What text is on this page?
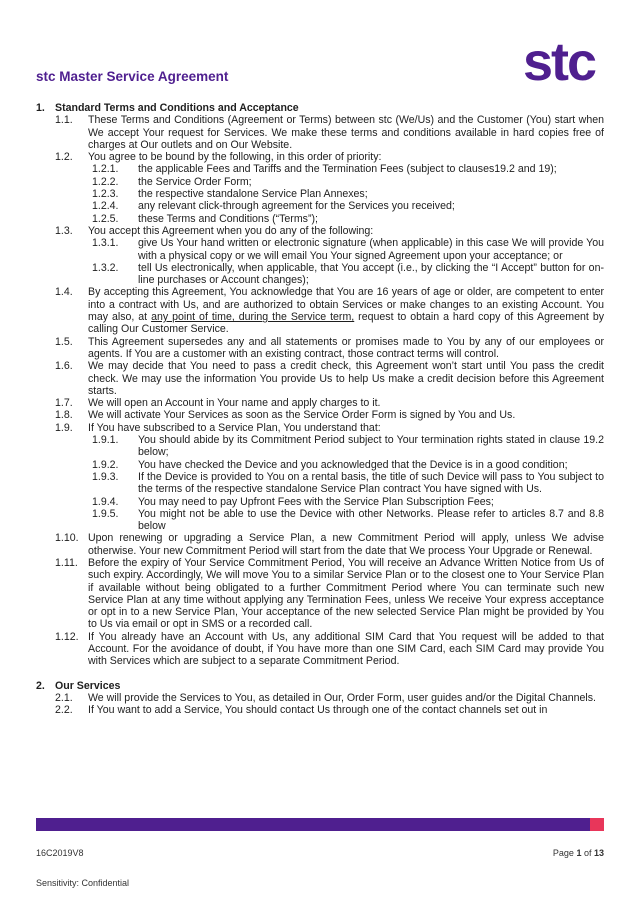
stc Master Service Agreement	stc
1. Standard Terms and Conditions and Acceptance
1.1.	These Terms and Conditions (Agreement or Terms) between stc (We/Us) and the Customer (You) start when We accept Your request for Services. We make these terms and conditions available in hard copies free of charges at Our outlets and on Our Website.
1.2.	You agree to be bound by the following, in this order of priority:
1.2.1.	the applicable Fees and Tariffs and the Termination Fees (subject to clauses19.2 and 19);
1.2.2.	the Service Order Form;
1.2.3.	the respective standalone Service Plan Annexes;
1.2.4.	any relevant click-through agreement for the Services you received;
1.2.5.	these Terms and Conditions (“Terms”);
1.3.	You accept this Agreement when you do any of the following:
1.3.1.	give Us Your hand written or electronic signature (when applicable) in this case We will provide You with a physical copy or we will email You Your signed Agreement upon your acceptance; or
1.3.2.	tell Us electronically, when applicable, that You accept (i.e., by clicking the “I Accept” button for on-line purchases or Account changes);
1.4.	By accepting this Agreement, You acknowledge that You are 16 years of age or older, are competent to enter into a contract with Us, and are authorized to obtain Services or make changes to an existing Account. You may also, at any point of time, during the Service term, request to obtain a hard copy of this Agreement by calling Our Customer Service.
1.5.	This Agreement supersedes any and all statements or promises made to You by any of our employees or agents. If You are a customer with an existing contract, those contract terms will control.
1.6.	We may decide that You need to pass a credit check, this Agreement won’t start until You pass the credit check. We may use the information You provide Us to help Us make a credit decision before this Agreement starts.
1.7.	We will open an Account in Your name and apply charges to it.
1.8.	We will activate Your Services as soon as the Service Order Form is signed by You and Us.
1.9.	If You have subscribed to a Service Plan, You understand that:
1.9.1.	You should abide by its Commitment Period subject to Your termination rights stated in clause 19.2 below;
1.9.2.	You have checked the Device and you acknowledged that the Device is in a good condition;
1.9.3.	If the Device is provided to You on a rental basis, the title of such Device will pass to You subject to the terms of the respective standalone Service Plan contract You have signed with Us.
1.9.4.	You may need to pay Upfront Fees with the Service Plan Subscription Fees;
1.9.5.	You might not be able to use the Device with other Networks. Please refer to articles 8.7 and 8.8 below
1.10. Upon renewing or upgrading a Service Plan, a new Commitment Period will apply, unless We advise otherwise. Your new Commitment Period will start from the date that We process Your Upgrade or Renewal.
1.11. Before the expiry of Your Service Commitment Period, You will receive an Advance Written Notice from Us of such expiry. Accordingly, We will move You to a similar Service Plan or to the closest one to Your Service Plan if available without being obligated to a further Commitment Period where You can terminate such new Service Plan at any time without applying any Termination Fees, unless We receive Your express acceptance or opt in to a new Service Plan, Your acceptance of the new selected Service Plan might be provided by You to Us via email or opt in SMS or a recorded call.
1.12. If You already have an Account with Us, any additional SIM Card that You request will be added to that Account. For the avoidance of doubt, if You have more than one SIM Card, each SIM Card may provide You with Services which are subject to a separate Commitment Period.
2. Our Services
2.1.	We will provide the Services to You, as detailed in Our, Order Form, user guides and/or the Digital Channels.
2.2.	If You want to add a Service, You should contact Us through one of the contact channels set out in
16C2019V8	Page 1 of 13
Sensitivity: Confidential
